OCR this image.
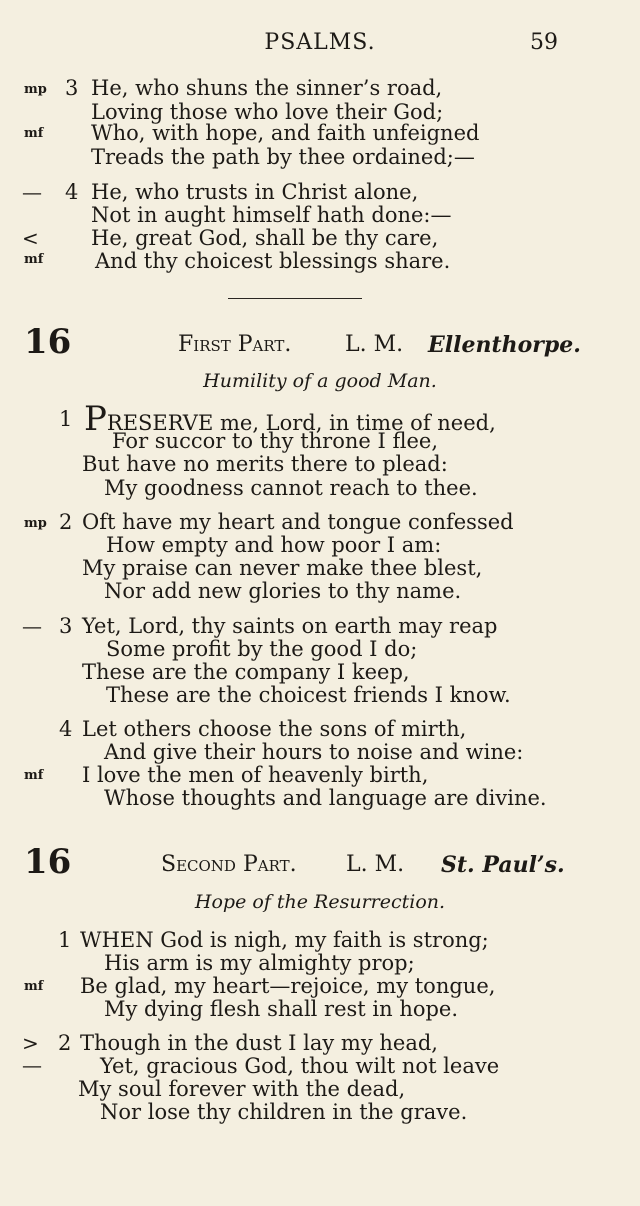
PSALMS.	59
mp 3 He, who shuns the sinner’s road,
Loving those who love their God;
mf Who, with hope, and faith unfeigned
Treads the path by thee ordained;—
— 4 He, who trusts in Christ alone,
Not in aught himself hath done:—
< He, great God, shall be thy care,
mf And thy choicest blessings share.
16	First Part. L. M. Ellenthorpe.
Humility of a good Man.
1 PRESERVE me, Lord, in time of need,
For succor to thy throne I flee,
But have no merits there to plead:
My goodness cannot reach to thee.
mp 2 Oft have my heart and tongue confessed
How empty and how poor I am:
My praise can never make thee blest,
Nor add new glories to thy name.
— 3 Yet, Lord, thy saints on earth may reap
Some profit by the good I do;
These are the company I keep,
These are the choicest friends I know.
4 Let others choose the sons of mirth,
And give their hours to noise and wine:
mf I love the men of heavenly birth,
Whose thoughts and language are divine.
16	Second Part. L. M. St. Paul’s.
Hope of the Resurrection.
1 WHEN God is nigh, my faith is strong;
His arm is my almighty prop;
mf Be glad, my heart—rejoice, my tongue,
My dying flesh shall rest in hope.
> 2 Though in the dust I lay my head,
—	Yet, gracious God, thou wilt not leave
My soul forever with the dead,
Nor lose thy children in the grave.
